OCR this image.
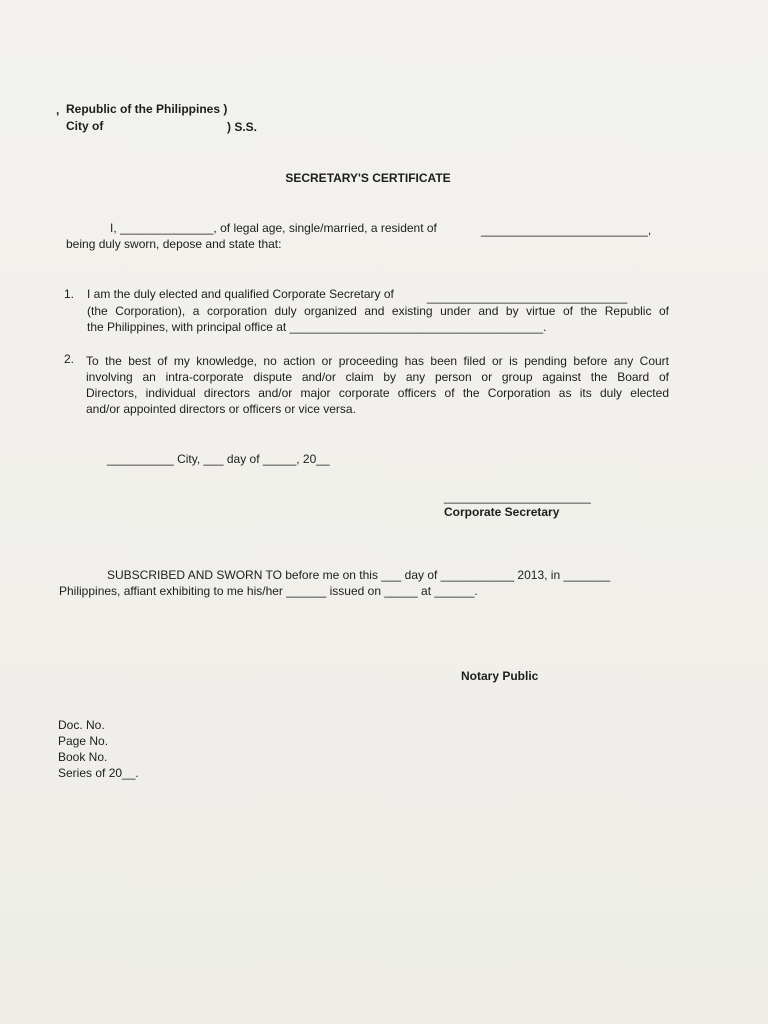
, Republic of the Philippines )
City of	) S.S.
SECRETARY'S CERTIFICATE
I, ______________, of legal age, single/married, a resident of	_________________________,
being duly sworn, depose and state that:
1. I am the duly elected and qualified Corporate Secretary of	______________________________
(the Corporation), a corporation duly organized and existing under and by virtue of the Republic of
the Philippines, with principal office at ______________________________________.
2. To the best of my knowledge, no action or proceeding has been filed or is pending before any Court
involving an intra-corporate dispute and/or claim by any person or group against the Board of
Directors, individual directors and/or major corporate officers of the Corporation as its duly elected
and/or appointed directors or officers or vice versa.
__________ City, ___ day of _____, 20__
______________________
Corporate Secretary
SUBSCRIBED AND SWORN TO before me on this ___ day of ___________ 2013, in _______
Philippines, affiant exhibiting to me his/her ______ issued on _____ at ______.
Notary Public
Doc. No.
Page No.
Book No.
Series of 20__.
